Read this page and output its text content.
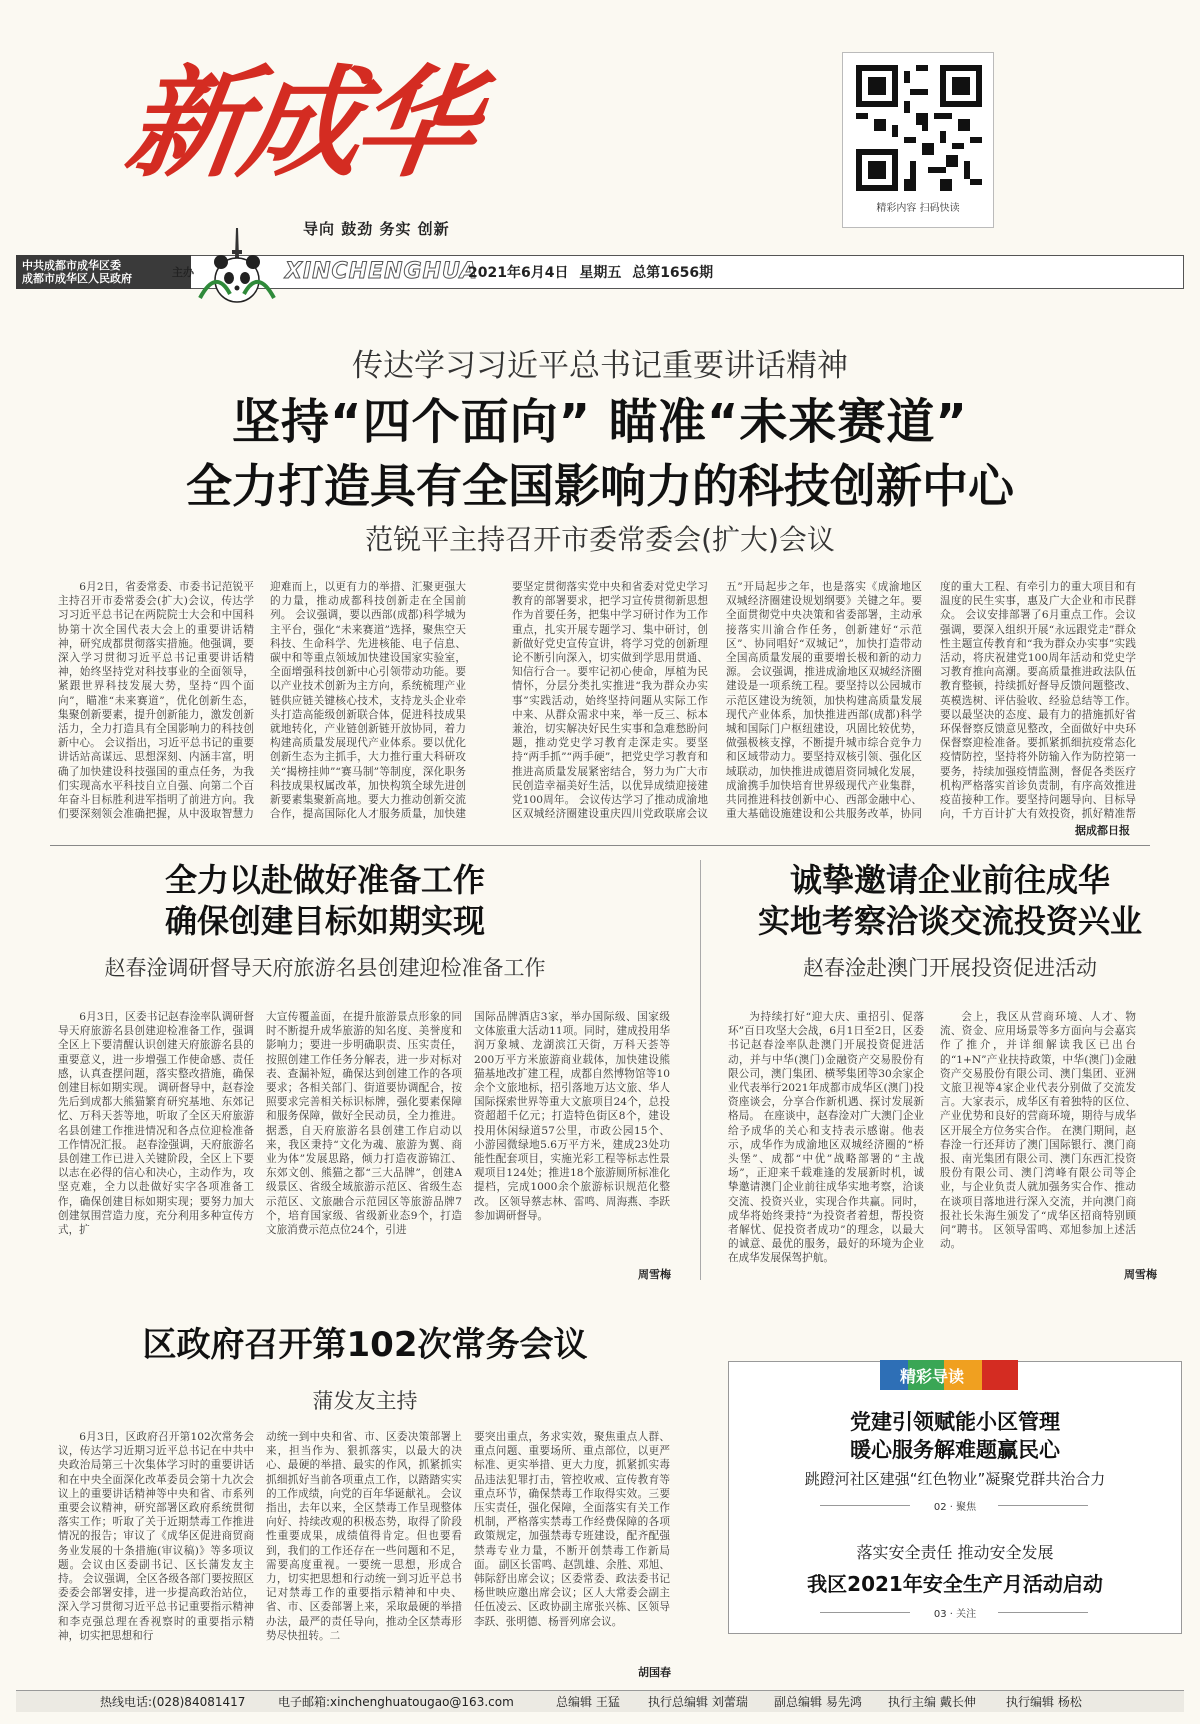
新成华
导向 鼓劲 务实 创新
精彩内容 扫码快读
中共成都市成华区委
成都市成华区人民政府	主办	XINCHENGHUA
2021年6月4日 星期五 总第1656期
传达学习习近平总书记重要讲话精神
坚持“四个面向” 瞄准“未来赛道”
全力打造具有全国影响力的科技创新中心
范锐平主持召开市委常委会(扩大)会议

6月2日，省委常委、市委书记范锐平主持召开市委常委会(扩大)会议，传达学习习近平总书记在两院院士大会和中国科协第十次全国代表大会上的重要讲话精神，研究成都贯彻落实措施。他强调，要深入学习贯彻习近平总书记重要讲话精神，始终坚持党对科技事业的全面领导，紧跟世界科技发展大势，坚持“四个面向”，瞄准“未来赛道”，优化创新生态，集聚创新要素，提升创新能力，激发创新活力，全力打造具有全国影响力的科技创新中心。 会议指出，习近平总书记的重要讲话站高谋远、思想深刻、内涵丰富，明确了加快建设科技强国的重点任务，为我们实现高水平科技自立自强、向第二个百年奋斗目标胜利进军指明了前进方向。我们要深刻领会准确把握，从中汲取智慧力

迎难而上，以更有力的举措、汇聚更强大的力量，推动成都科技创新走在全国前列。 会议强调，要以西部(成都)科学城为主平台，强化“未来赛道”选择，聚焦空天科技、生命科学、先进核能、电子信息、碳中和等重点领域加快建设国家实验室，全面增强科技创新中心引领带动功能。要以产业技术创新为主方向，系统梳理产业链供应链关键核心技术，支持龙头企业牵头打造高能级创新联合体，促进科技成果就地转化，产业链创新链开放协同，着力构建高质量发展现代产业体系。要以优化创新生态为主抓手，大力推行重大科研攻关“揭榜挂帅”“赛马制”等制度，深化职务科技成果权属改革，加快构筑全球先进创新要素集聚新高地。要大力推动创新交流合作，提高国际化人才服务质量，加快建

要坚定贯彻落实党中央和省委对党史学习教育的部署要求，把学习宣传贯彻新思想作为首要任务，把集中学习研讨作为工作重点，扎实开展专题学习、集中研讨，创新做好党史宣传宣讲，将学习党的创新理论不断引向深入，切实做到学思用贯通、知信行合一。要牢记初心使命，厚植为民情怀，分层分类扎实推进“我为群众办实事”实践活动，始终坚持问题从实际工作中来、从群众需求中来，举一反三、标本兼治，切实解决好民生实事和急难愁盼问题，推动党史学习教育走深走实。要坚持“两手抓”“两手硬”，把党史学习教育和推进高质量发展紧密结合，努力为广大市民创造幸福美好生活，以优异成绩迎接建党100周年。 会议传达学习了推动成渝地区双城经济圈建设重庆四川党政联席会议

五”开局起步之年，也是落实《成渝地区双城经济圈建设规划纲要》关键之年。要全面贯彻党中央决策和省委部署，主动承接落实川渝合作任务，创新建好“示范区”、协同唱好“双城记”，加快打造带动全国高质量发展的重要增长极和新的动力源。 会议强调，推进成渝地区双城经济圈建设是一项系统工程。要坚持以公园城市示范区建设为统领，加快构建高质量发展现代产业体系，加快推进西部(成都)科学城和国际门户枢纽建设，巩固比较优势，做强极核支撑，不断提升城市综合竞争力和区域带动力。要坚持双核引领、强化区域联动，加快推进成德眉资同城化发展，成渝携手加快培育世界级现代产业集群，共同推进科技创新中心、西部金融中心、重大基础设施建设和公共服务改革，协同

度的重大工程、有牵引力的重大项目和有温度的民生实事，惠及广大企业和市民群众。 会议安排部署了6月重点工作。会议强调，要深入组织开展“永远跟党走”群众性主题宣传教育和“我为群众办实事”实践活动，将庆祝建党100周年活动和党史学习教育推向高潮。要高质量推进政法队伍教育整顿，持续抓好督导反馈问题整改、英模选树、评估验收、经验总结等工作。要以最坚决的态度、最有力的措施抓好省环保督察反馈意见整改，全面做好中央环保督察迎检准备。要抓紧抓细抗疫常态化疫情防控，坚持将外防输入作为防控第一要务，持续加强疫情监测，督促各类医疗机构严格落实首诊负责制，有序高效推进疫苗接种工作。要坚持问题导向、目标导向，千方百计扩大有效投资，抓好精准帮

据成都日报
全力以赴做好准备工作
确保创建目标如期实现
赵春淦调研督导天府旅游名县创建迎检准备工作

6月3日，区委书记赵春淦率队调研督导天府旅游名县创建迎检准备工作，强调全区上下要清醒认识创建天府旅游名县的重要意义，进一步增强工作使命感、责任感，认真查摆问题，落实整改措施，确保创建目标如期实现。 调研督导中，赵春淦先后到成都大熊猫繁育研究基地、东郊记忆、万科天荟等地，听取了全区天府旅游名县创建工作推进情况和各点位迎检准备工作情况汇报。 赵春淦强调，天府旅游名县创建工作已进入关键阶段，全区上下要以志在必得的信心和决心，主动作为，攻坚克难，全力以赴做好实字各项准备工作，确保创建目标如期实现；要努力加大创建氛围营造力度，充分利用多种宣传方式，扩

大宣传覆盖面，在提升旅游景点形象的同时不断提升成华旅游的知名度、美誉度和影响力；要进一步明确职责、压实责任，按照创建工作任务分解表，进一步对标对表、查漏补短，确保达到创建工作的各项要求；各相关部门、街道要协调配合，按照要求完善相关标识标牌，强化要素保障和服务保障，做好全民动员，全力推进。 据悉，自天府旅游名县创建工作启动以来，我区秉持“文化为魂、旅游为翼、商业为体”发展思路，倾力打造夜游锦江、东郊文创、熊猫之都“三大品牌”，创建A级景区、省级全域旅游示范区、省级生态示范区、文旅融合示范园区等旅游品牌7个，培育国家级、省级新业态9个，打造文旅消费示范点位24个，引进

国际品牌酒店3家，举办国际级、国家级文体旅重大活动11项。同时，建成投用华润万象城、龙湖滨江天街，万科天荟等200万平方米旅游商业载体，加快建设熊猫基地改扩建工程，成都自然博物馆等10余个文旅地标，招引落地万达文旅、华人国际探索世界等重大文旅项目24个，总投资超超千亿元；打造特色街区8个，建设投用休闲绿道57公里，市政公园15个、小游园微绿地5.6万平方米，建成23处功能性配套项目，实施光彩工程等标志性景观项目124处；推进18个旅游厕所标准化提档，完成1000余个旅游标识规范化整改。 区领导蔡志林、雷鸣、周海燕、李跃参加调研督导。

周雪梅
诚挚邀请企业前往成华
实地考察洽谈交流投资兴业
赵春淦赴澳门开展投资促进活动

为持续打好“迎大庆、重招引、促落环”百日攻坚大会战，6月1日至2日，区委书记赵春淦率队赴澳门开展投资促进活动，并与中华(澳门)金融资产交易股份有限公司，澳门集团、横琴集团等30余家企业代表举行2021年成都市成华区(澳门)投资座谈会，分享合作新机遇、探讨发展新格局。 在座谈中，赵春淦对广大澳门企业给予成华的关心和支持表示感谢。他表示，成华作为成渝地区双城经济圈的“桥头堡”、成都“中优”战略部署的“主战场”，正迎来千载难逢的发展新时机，诚挚邀请澳门企业前往成华实地考察，洽谈交流、投资兴业，实现合作共赢。同时，成华将始终秉持“为投资者着想，帮投资者解忧、促投资者成功”的理念，以最大的诚意、最优的服务，最好的环境为企业在成华发展保驾护航。

会上，我区从营商环境、人才、物流、资金、应用场景等多方面向与会嘉宾作了推介，并详细解读我区已出台的“1+N”产业扶持政策，中华(澳门)金融资产交易股份有限公司、澳门集团、亚洲文旅卫视等4家企业代表分别做了交流发言。大家表示，成华区有着独特的区位、产业优势和良好的营商环境，期待与成华区开展全方位务实合作。 在澳门期间，赵春淦一行还拜访了澳门国际银行、澳门商报、南光集团有限公司、澳门东西汇投资股份有限公司、澳门湾峰有限公司等企业，与企业负责人就加强务实合作、推动在谈项目落地进行深入交流，并向澳门商报社长朱海生颁发了“成华区招商特别顾问”聘书。 区领导雷鸣、邓旭参加上述活动。

周雪梅
区政府召开第102次常务会议
蒲发友主持

6月3日，区政府召开第102次常务会议，传达学习近期习近平总书记在中共中央政治局第三十次集体学习时的重要讲话和在中央全面深化改革委员会第十九次会议上的重要讲话精神等中央和省、市系列重要会议精神，研究部署区政府系统贯彻落实工作；听取了关于近期禁毒工作推进情况的报告；审议了《成华区促进商贸商务业发展的十条措施(审议稿)》等多项议题。会议由区委副书记、区长蒲发友主持。 会议强调，全区各级各部门要按照区委委会部署安排，进一步提高政治站位，深入学习贯彻习近平总书记重要指示精神和李克强总理在香视察时的重要指示精神，切实把思想和行

动统一到中央和省、市、区委决策部署上来，担当作为、狠抓落实，以最大的决心、最硬的举措、最实的作风，抓紧抓实抓细抓好当前各项重点工作，以踏踏实实的工作成绩，向党的百年华诞献礼。 会议指出，去年以来，全区禁毒工作呈现整体向好、持续改观的积极态势，取得了阶段性重要成果，成绩值得肯定。但也要看到，我们的工作还存在一些问题和不足，需要高度重视。一要统一思想，形成合力，切实把思想和行动统一到习近平总书记对禁毒工作的重要指示精神和中央、省、市、区委部署上来，采取最硬的举措办法，最严的责任导向，推动全区禁毒形势尽快扭转。二

要突出重点，务求实效，聚焦重点人群、重点问题、重要场所、重点部位，以更严标准、更实举措、更大力度，抓紧抓实毒品违法犯罪打击，管控收戒、宣传教育等重点环节，确保禁毒工作取得实效。三要压实责任，强化保障，全面落实有关工作机制，严格落实禁毒工作经费保障的各项政策规定，加强禁毒专班建设，配齐配强禁毒专业力量，不断开创禁毒工作新局面。 副区长雷鸣、赵凯雄、余胜、邓旭、韩际舒出席会议；区委常委、政法委书记杨世映应邀出席会议；区人大常委会副主任伍凌云、区政协副主席张兴栋、区领导李跃、张明德、杨晋列席会议。

胡国春
精彩导读
党建引领赋能小区管理
暖心服务解难题赢民心
跳蹬河社区建强“红色物业”凝聚党群共治合力
02 · 聚焦
落实安全责任 推动安全发展
我区2021年安全生产月活动启动
03 · 关注
热线电话:(028)84081417	电子邮箱:xinchenghuatougao@163.com	总编辑 王猛 执行总编辑 刘蕾瑞 副总编辑 易先鸿 执行主编 戴长伸	执行编辑 杨松
